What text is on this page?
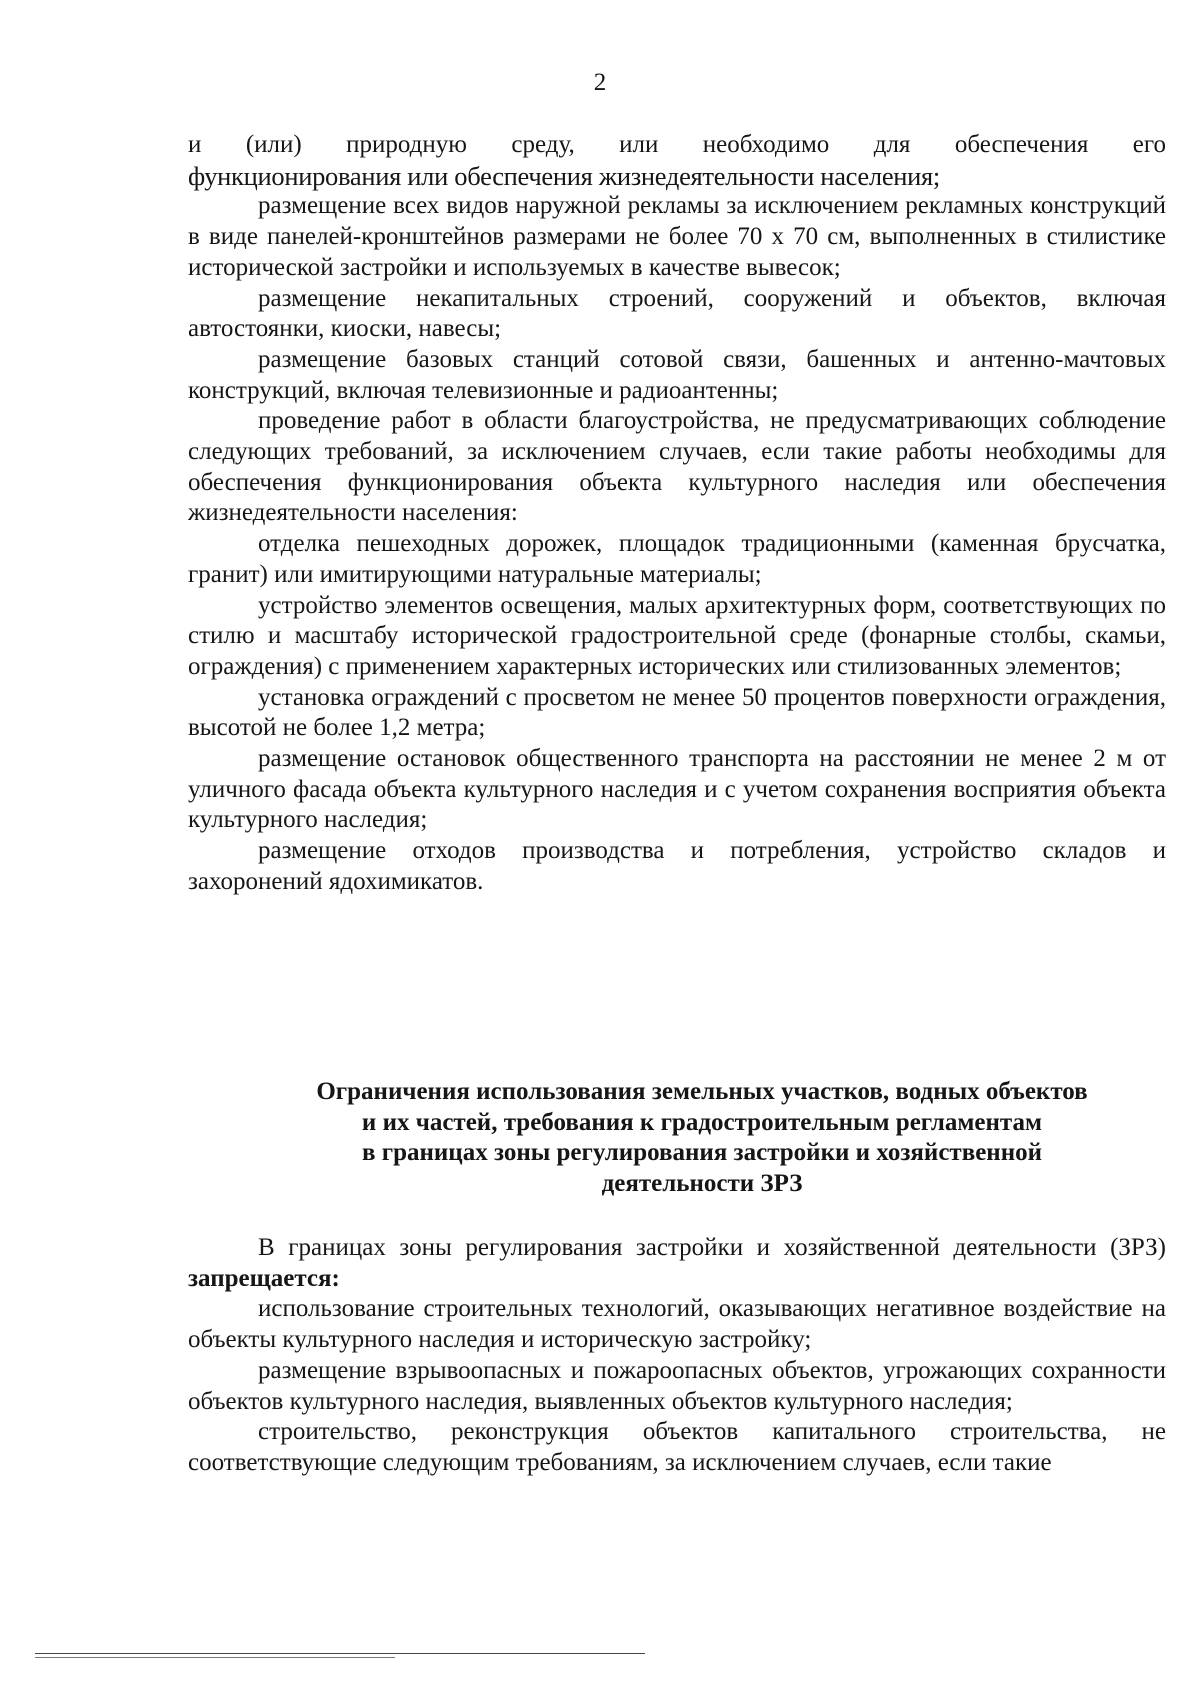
2
и (или) природную среду, или необходимо для обеспечения его

функционирования или обеспечения жизнедеятельности населения;

размещение всех видов наружной рекламы за исключением рекламных конструкций в виде панелей-кронштейнов размерами не более 70 х 70 см, выполненных в стилистике исторической застройки и используемых в качестве вывесок;

размещение некапитальных строений, сооружений и объектов, включая автостоянки, киоски, навесы;

размещение базовых станций сотовой связи, башенных и антенно-мачтовых конструкций, включая телевизионные и радиоантенны;

проведение работ в области благоустройства, не предусматривающих соблюдение следующих требований, за исключением случаев, если такие работы необходимы для обеспечения функционирования объекта культурного наследия или обеспечения жизнедеятельности населения:

отделка пешеходных дорожек, площадок традиционными (каменная брусчатка, гранит) или имитирующими натуральные материалы;

устройство элементов освещения, малых архитектурных форм, соответствующих по стилю и масштабу исторической градостроительной среде (фонарные столбы, скамьи, ограждения) с применением характерных исторических или стилизованных элементов;

установка ограждений с просветом не менее 50 процентов поверхности ограждения, высотой не более 1,2 метра;

размещение остановок общественного транспорта на расстоянии не менее 2 м от уличного фасада объекта культурного наследия и с учетом сохранения восприятия объекта культурного наследия;

размещение отходов производства и потребления, устройство складов и захоронений ядохимикатов.

Ограничения использования земельных участков, водных объектов
и их частей, требования к градостроительным регламентам
в границах зоны регулирования застройки и хозяйственной
деятельности ЗРЗ

В границах зоны регулирования застройки и хозяйственной деятельности (ЗРЗ) запрещается:

использование строительных технологий, оказывающих негативное воздействие на объекты культурного наследия и историческую застройку;

размещение взрывоопасных и пожароопасных объектов, угрожающих сохранности объектов культурного наследия, выявленных объектов культурного наследия;

строительство, реконструкция объектов капитального строительства, не соответствующие следующим требованиям, за исключением случаев, если такие
